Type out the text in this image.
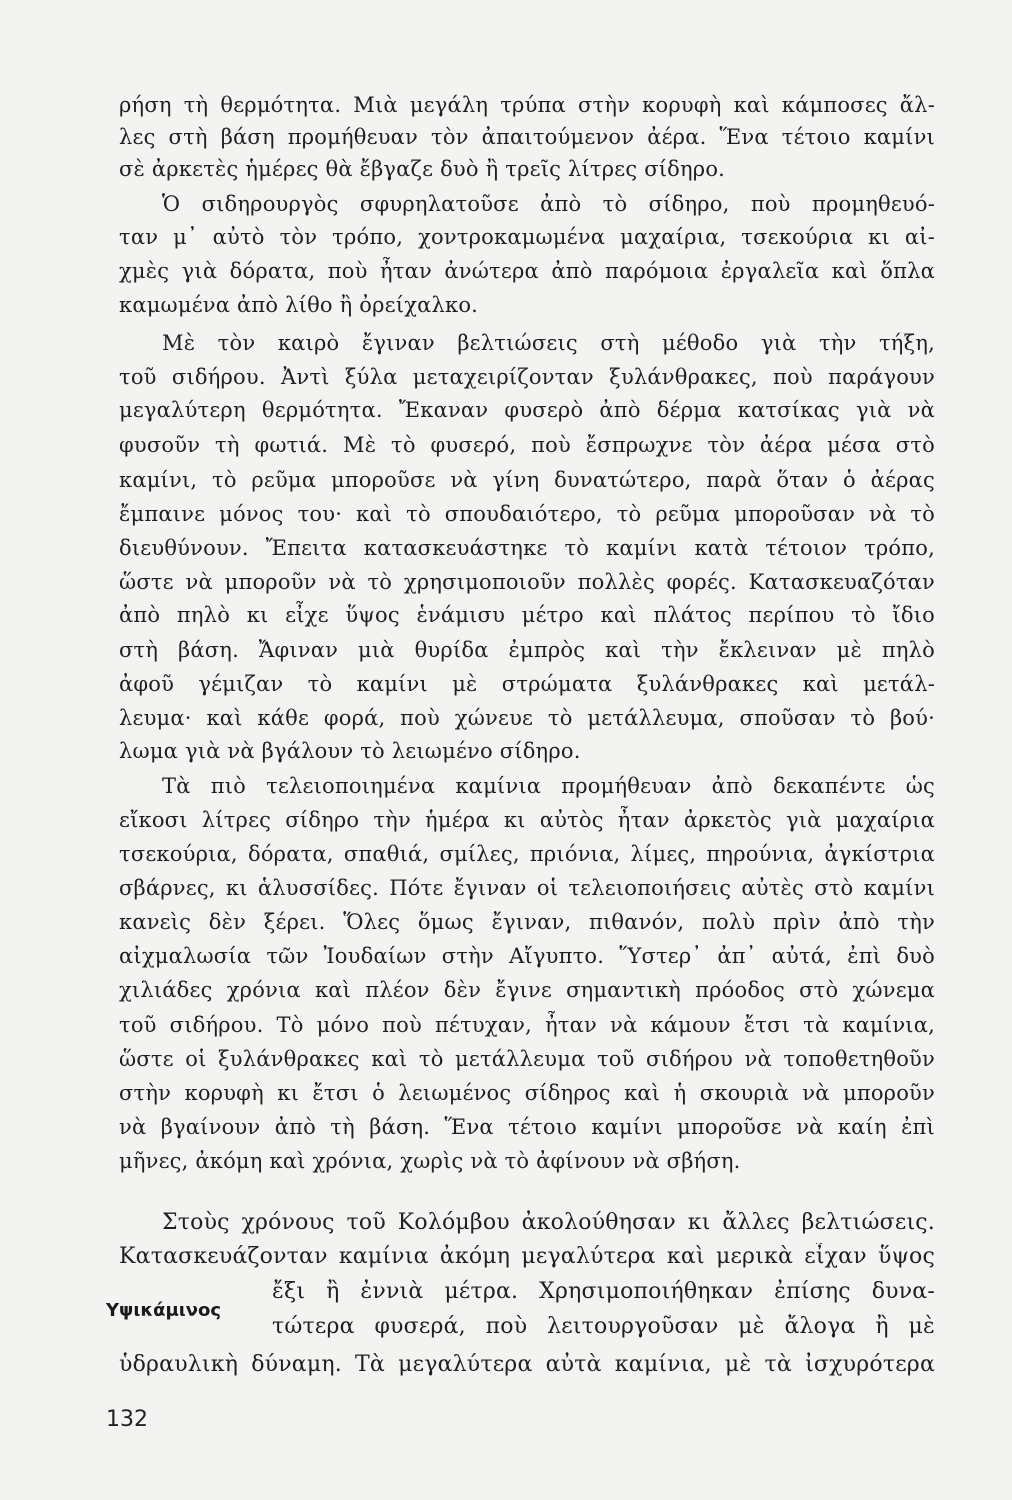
ρήση τὴ θερμότητα. Μιὰ μεγάλη τρύπα στὴν κορυφὴ καὶ κάμποσες ἄλ-
λες στὴ βάση προμήθευαν τὸν ἀπαιτούμενον ἀέρα. Ἕνα τέτοιο καμίνι
σὲ ἀρκετὲς ἡμέρες θὰ ἔβγαζε δυὸ ἢ τρεῖς λίτρες σίδηρο.
Ὁ σιδηρουργὸς σφυρηλατοῦσε ἀπὸ τὸ σίδηρο, ποὺ προμηθευό-
ταν μ᾽ αὐτὸ τὸν τρόπο, χοντροκαμωμένα μαχαίρια, τσεκούρια κι αἰ-
χμὲς γιὰ δόρατα, ποὺ ἦταν ἀνώτερα ἀπὸ παρόμοια ἐργαλεῖα καὶ ὅπλα
καμωμένα ἀπὸ λίθο ἢ ὀρείχαλκο.
Μὲ τὸν καιρὸ ἔγιναν βελτιώσεις στὴ μέθοδο γιὰ τὴν τήξη,
τοῦ σιδήρου. Ἀντὶ ξύλα μεταχειρίζονταν ξυλάνθρακες, ποὺ παράγουν
μεγαλύτερη θερμότητα. Ἔκαναν φυσερὸ ἀπὸ δέρμα κατσίκας γιὰ νὰ
φυσοῦν τὴ φωτιά. Μὲ τὸ φυσερό, ποὺ ἔσπρωχνε τὸν ἀέρα μέσα στὸ
καμίνι, τὸ ρεῦμα μποροῦσε νὰ γίνη δυνατώτερο, παρὰ ὅταν ὁ ἀέρας
ἔμπαινε μόνος του· καὶ τὸ σπουδαιότερο, τὸ ρεῦμα μποροῦσαν νὰ τὸ
διευθύνουν. Ἔπειτα κατασκευάστηκε τὸ καμίνι κατὰ τέτοιον τρόπο,
ὥστε νὰ μποροῦν νὰ τὸ χρησιμοποιοῦν πολλὲς φορές. Κατασκευαζόταν
ἀπὸ πηλὸ κι εἶχε ὕψος ἑνάμισυ μέτρο καὶ πλάτος περίπου τὸ ἴδιο
στὴ βάση. Ἄφιναν μιὰ θυρίδα ἐμπρὸς καὶ τὴν ἔκλειναν μὲ πηλὸ
ἀφοῦ γέμιζαν τὸ καμίνι μὲ στρώματα ξυλάνθρακες καὶ μετάλ-
λευμα· καὶ κάθε φορά, ποὺ χώνευε τὸ μετάλλευμα, σποῦσαν τὸ βού·
λωμα γιὰ νὰ βγάλουν τὸ λειωμένο σίδηρο.
Τὰ πιὸ τελειοποιημένα καμίνια προμήθευαν ἀπὸ δεκαπέντε ὡς
εἴκοσι λίτρες σίδηρο τὴν ἡμέρα κι αὐτὸς ἦταν ἀρκετὸς γιὰ μαχαίρια
τσεκούρια, δόρατα, σπαθιά, σμίλες, πριόνια, λίμες, πηρούνια, ἀγκίστρια
σβάρνες, κι ἁλυσσίδες. Πότε ἔγιναν οἱ τελειοποιήσεις αὐτὲς στὸ καμίνι
κανεὶς δὲν ξέρει. Ὅλες ὅμως ἔγιναν, πιθανόν, πολὺ πρὶν ἀπὸ τὴν
αἰχμαλωσία τῶν Ἰουδαίων στὴν Αἴγυπτο. Ὕστερ᾽ ἀπ᾽ αὐτά, ἐπὶ δυὸ
χιλιάδες χρόνια καὶ πλέον δὲν ἔγινε σημαντικὴ πρόοδος στὸ χώνεμα
τοῦ σιδήρου. Τὸ μόνο ποὺ πέτυχαν, ἦταν νὰ κάμουν ἔτσι τὰ καμίνια,
ὥστε οἱ ξυλάνθρακες καὶ τὸ μετάλλευμα τοῦ σιδήρου νὰ τοποθετηθοῦν
στὴν κορυφὴ κι ἔτσι ὁ λειωμένος σίδηρος καὶ ἡ σκουριὰ νὰ μποροῦν
νὰ βγαίνουν ἀπὸ τὴ βάση. Ἕνα τέτοιο καμίνι μποροῦσε νὰ καίη ἐπὶ
μῆνες, ἀκόμη καὶ χρόνια, χωρὶς νὰ τὸ ἀφίνουν νὰ σβήση.
Στοὺς χρόνους τοῦ Κολόμβου ἀκολούθησαν κι ἄλλες βελτιώσεις.
Κατασκευάζονταν καμίνια ἀκόμη μεγαλύτερα καὶ μερικὰ εἶχαν ὕψος
ἔξι ἢ ἐννιὰ μέτρα. Χρησιμοποιήθηκαν ἐπίσης δυνα-
τώτερα φυσερά, ποὺ λειτουργοῦσαν μὲ ἄλογα ἢ μὲ
ὑδραυλικὴ δύναμη. Τὰ μεγαλύτερα αὐτὰ καμίνια, μὲ τὰ ἰσχυρότερα
Υψικάμινος
132
